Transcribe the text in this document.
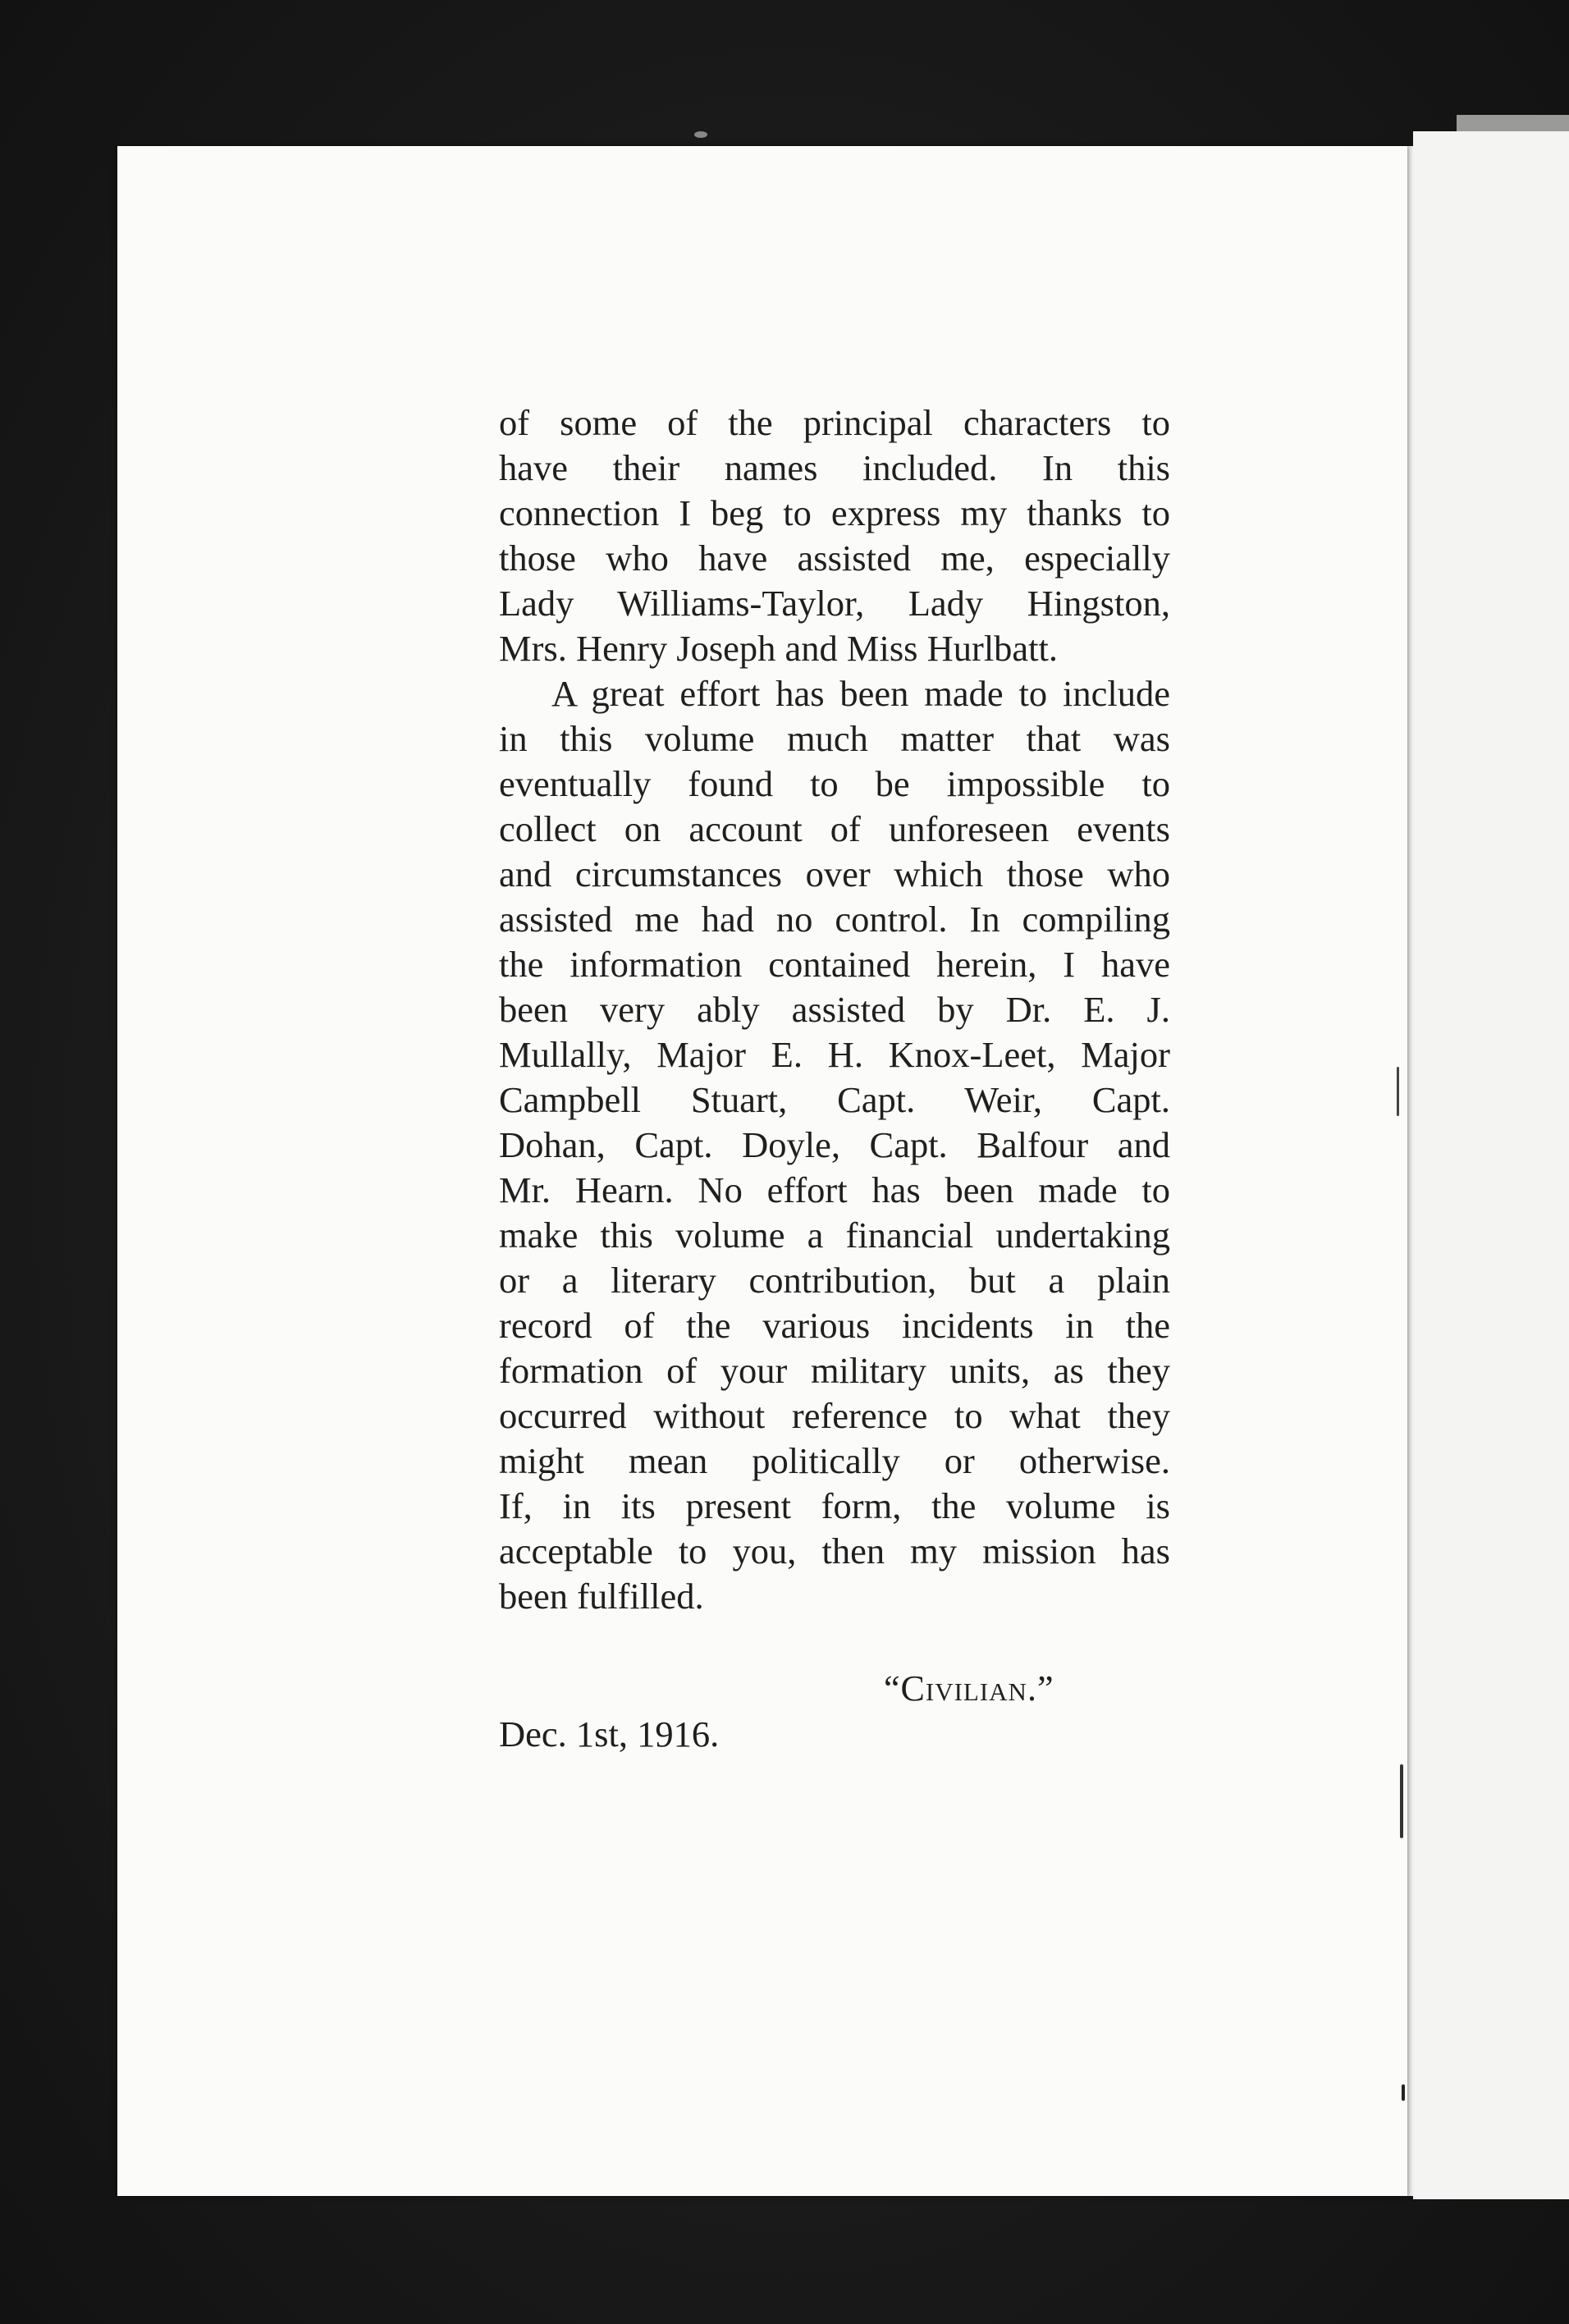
of some of the principal characters to
have their names included. In this
connection I beg to express my thanks to
those who have assisted me, especially
Lady Williams-Taylor, Lady Hingston,
Mrs. Henry Joseph and Miss Hurlbatt.
A great effort has been made to include
in this volume much matter that was
eventually found to be impossible to
collect on account of unforeseen events
and circumstances over which those who
assisted me had no control. In compiling
the information contained herein, I have
been very ably assisted by Dr. E. J.
Mullally, Major E. H. Knox-Leet, Major
Campbell Stuart, Capt. Weir, Capt.
Dohan, Capt. Doyle, Capt. Balfour and
Mr. Hearn. No effort has been made to
make this volume a financial undertaking
or a literary contribution, but a plain
record of the various incidents in the
formation of your military units, as they
occurred without reference to what they
might mean politically or otherwise.
If, in its present form, the volume is
acceptable to you, then my mission has
been fulfilled.
“Civilian.”
Dec. 1st, 1916.
